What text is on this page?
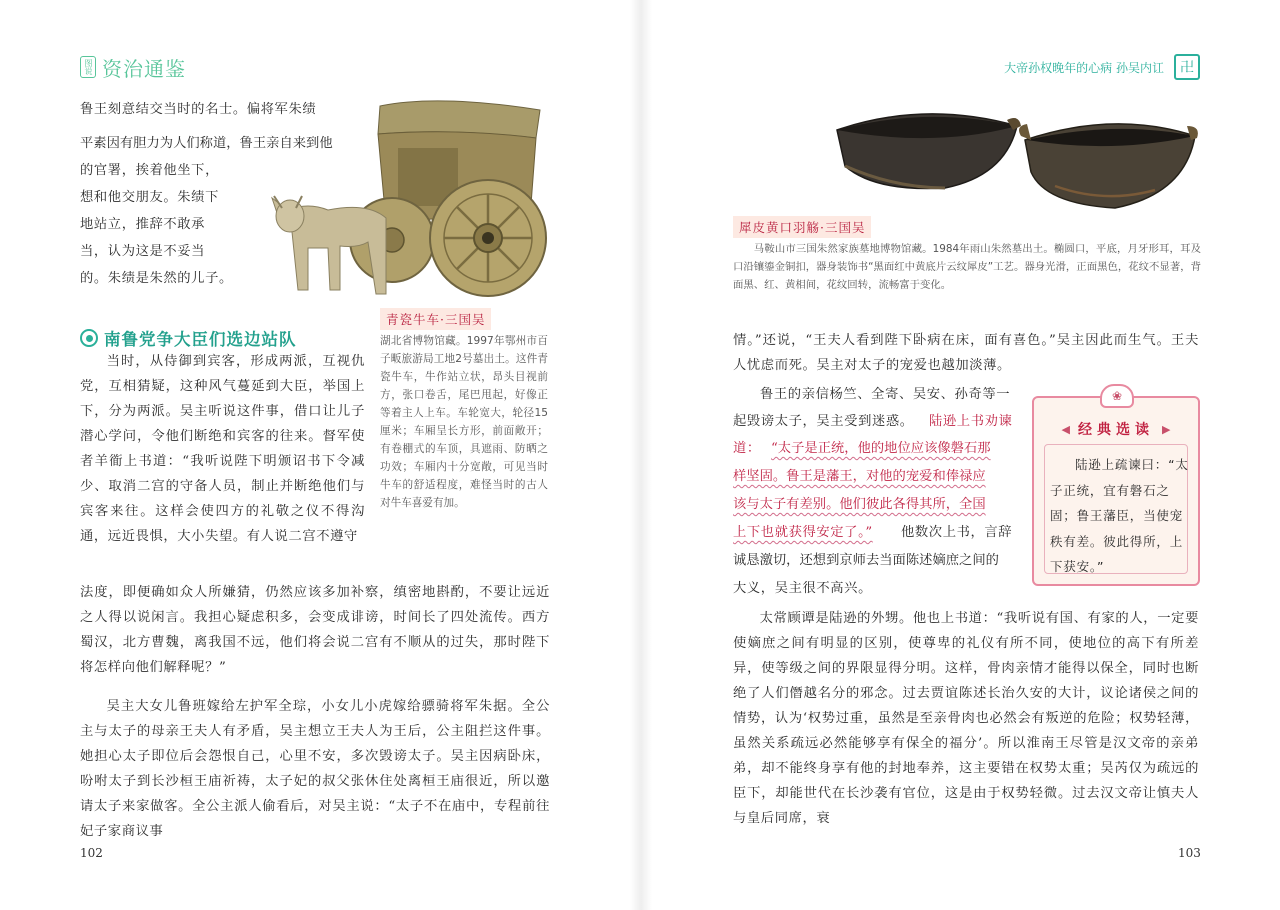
图说 资治通鉴	大帝孙权晚年的心病 孙吴内讧	卍

鲁王刻意结交当时的名士。偏将军朱绩

平素因有胆力为人们称道，鲁王亲自来到他

的官署，挨着他坐下，

想和他交朋友。朱绩下

地站立，推辞不敢承

当，认为这是不妥当

的。朱绩是朱然的儿子。

青瓷牛车·三国吴

湖北省博物馆藏。1997年鄂州市百子畈旅游局工地2号墓出土。这件青瓷牛车，牛作站立状，昂头目视前方，张口卷舌，尾巴甩起，好像正等着主人上车。车轮宽大，轮径15厘米；车厢呈长方形，前面敞开；有卷棚式的车顶，具遮雨、防晒之功效；车厢内十分宽敞，可见当时牛车的舒适程度，难怪当时的古人对牛车喜爱有加。

南鲁党争大臣们选边站队

当时，从侍御到宾客，形成两派，互视仇党，互相猜疑，这种风气蔓延到大臣，举国上下，分为两派。吴主听说这件事，借口让儿子潜心学问，令他们断绝和宾客的往来。督军使者羊衜上书道：“我听说陛下明颁诏书下令减少、取消二宫的守备人员，制止并断绝他们与宾客来往。这样会使四方的礼敬之仪不得沟通，远近畏惧，大小失望。有人说二宫不遵守

法度，即便确如众人所嫌猜，仍然应该多加补察，缜密地斟酌，不要让远近之人得以说闲言。我担心疑虑积多，会变成诽谤，时间长了四处流传。西方蜀汉，北方曹魏，离我国不远，他们将会说二宫有不顺从的过失，那时陛下将怎样向他们解释呢？”

吴主大女儿鲁班嫁给左护军全琮，小女儿小虎嫁给骠骑将军朱据。全公主与太子的母亲王夫人有矛盾，吴主想立王夫人为王后，公主阻拦这件事。她担心太子即位后会怨恨自己，心里不安，多次毁谤太子。吴主因病卧床，吩咐太子到长沙桓王庙祈祷，太子妃的叔父张休住处离桓王庙很近，所以邀请太子来家做客。全公主派人偷看后，对吴主说：“太子不在庙中，专程前往妃子家商议事

102
犀皮黄口羽觞·三国吴

马鞍山市三国朱然家族墓地博物馆藏。1984年雨山朱然墓出土。椭圆口，平底，月牙形耳，耳及口沿镶鎏金铜扣，器身装饰书“黑面红中黄底片云纹犀皮”工艺。器身光滑，正面黑色，花纹不显著，背面黑、红、黄相间，花纹回转，流畅富于变化。

情。”还说，“王夫人看到陛下卧病在床，面有喜色。”吴主因此而生气。王夫人忧虑而死。吴主对太子的宠爱也越加淡薄。

鲁王的亲信杨竺、全寄、吴安、孙奇等一

起毁谤太子，吴主受到迷惑。	陆逊上书劝谏

道： “太子是正统，他的地位应该像磐石那

样坚固。鲁王是藩王，对他的宠爱和俸禄应

该与太子有差别。他们彼此各得其所，全国

上下也就获得安定了。”	他数次上书，言辞

诚恳激切，还想到京师去当面陈述嫡庶之间的

大义，吴主很不高兴。

❀
◀ 经典选读 ▶

陆逊上疏谏曰：“太子正统，宜有磐石之固；鲁王藩臣，当使宠秩有差。彼此得所，上下获安。”

太常顾谭是陆逊的外甥。他也上书道：“我听说有国、有家的人，一定要使嫡庶之间有明显的区别，使尊卑的礼仪有所不同，使地位的高下有所差异，使等级之间的界限显得分明。这样，骨肉亲情才能得以保全，同时也断绝了人们僭越名分的邪念。过去贾谊陈述长治久安的大计，议论诸侯之间的情势，认为‘权势过重，虽然是至亲骨肉也必然会有叛逆的危险；权势轻薄，虽然关系疏远必然能够享有保全的福分’。所以淮南王尽管是汉文帝的亲弟弟，却不能终身享有他的封地奉养，这主要错在权势太重；吴芮仅为疏远的臣下，却能世代在长沙袭有官位，这是由于权势轻微。过去汉文帝让慎夫人与皇后同席，衰

103
